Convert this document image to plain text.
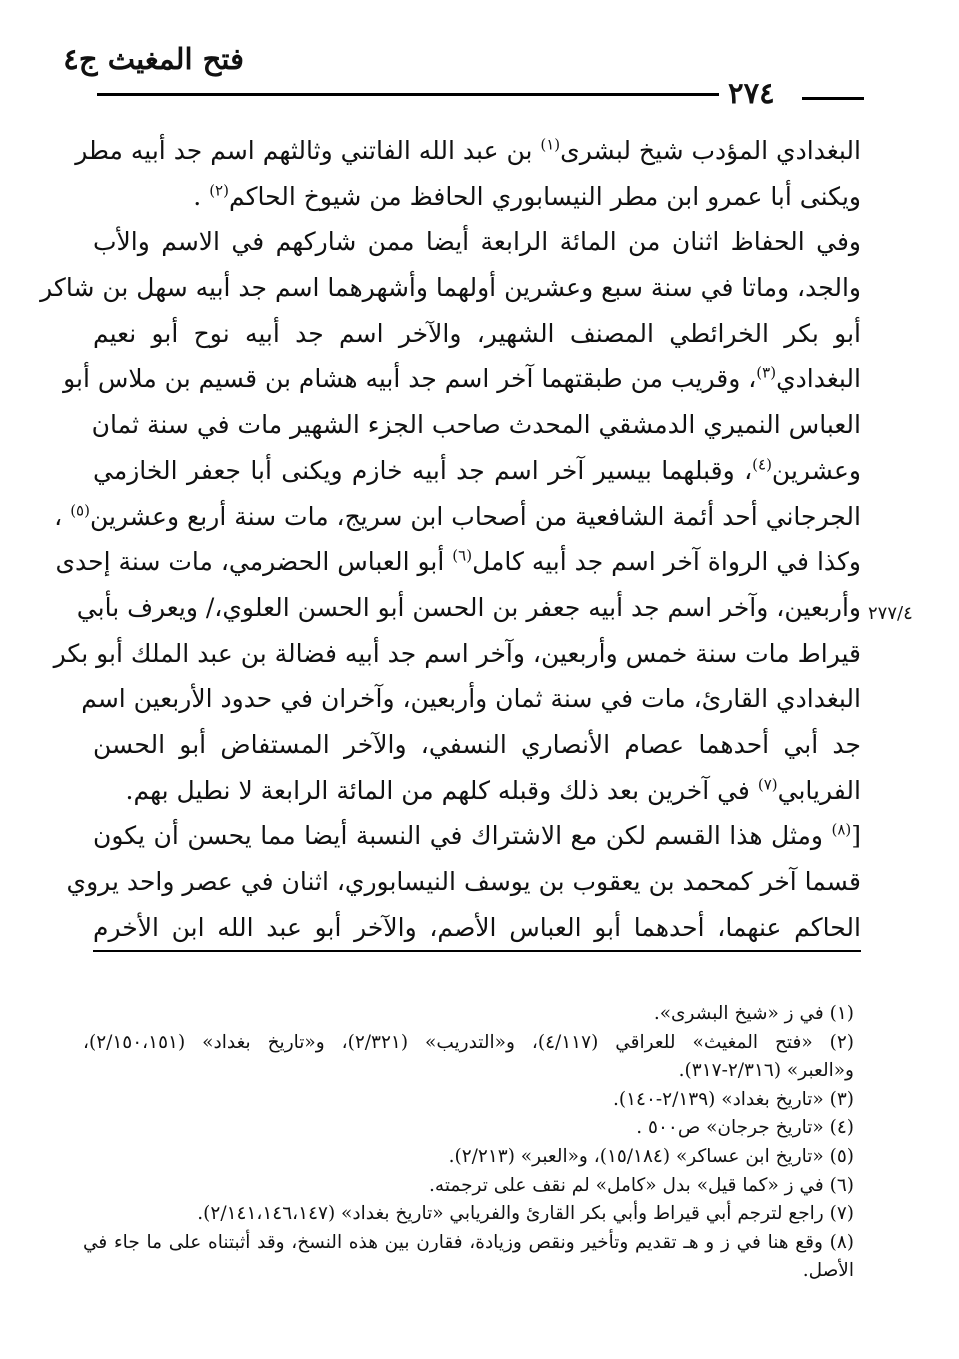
فتح المغيث ج٤
٢٧٤
٢٧٧/٤
البغدادي المؤدب شيخ لبشرى$^{(١)}$ بن عبد الله الفاتني وثالثهم اسم جد أبيه مطر
ويكنى أبا عمرو ابن مطر النيسابوري الحافظ من شيوخ الحاكم$^{(٢)}$ .
وفي الحفاظ اثنان من المائة الرابعة أيضا ممن شاركهم في الاسم والأب
والجد، وماتا في سنة سبع وعشرين أولهما وأشهرهما اسم جد أبيه سهل بن شاكر
أبو بكر الخرائطي المصنف الشهير، والآخر اسم جد أبيه نوح أبو نعيم
البغدادي$^{(٣)}$، وقريب من طبقتهما آخر اسم جد أبيه هشام بن قسيم بن ملاس أبو
العباس النميري الدمشقي المحدث صاحب الجزء الشهير مات في سنة ثمان
وعشرين$^{(٤)}$، وقبلهما بيسير آخر اسم جد أبيه خازم ويكنى أبا جعفر الخازمي
الجرجاني أحد أئمة الشافعية من أصحاب ابن سريج، مات سنة أربع وعشرين$^{(٥)}$ ،
وكذا في الرواة آخر اسم جد أبيه كامل$^{(٦)}$ أبو العباس الحضرمي، مات سنة إحدى
وأربعين، وآخر اسم جد أبيه جعفر بن الحسن أبو الحسن العلوي،/ ويعرف بأبي
قيراط مات سنة خمس وأربعين، وآخر اسم جد أبيه فضالة بن عبد الملك أبو بكر
البغدادي القارئ، مات في سنة ثمان وأربعين، وآخران في حدود الأربعين اسم
جد أبي أحدهما عصام الأنصاري النسفي، والآخر المستفاض أبو الحسن
الفريابي$^{(٧)}$ في آخرين بعد ذلك وقبله كلهم من المائة الرابعة لا نطيل بهم.
[$^{(٨)}$ ومثل هذا القسم لكن مع الاشتراك في النسبة أيضا مما يحسن أن يكون
قسما آخر كمحمد بن يعقوب بن يوسف النيسابوري، اثنان في عصر واحد يروي
الحاكم عنهما، أحدهما أبو العباس الأصم، والآخر أبو عبد الله ابن الأخرم
(١) في ز «شيخ البشرى».
(٢) «فتح المغيث» للعراقي (٤/١١٧)، و«التدريب» (٢/٣٢١)، و«تاريخ بغداد» (٢/١٥٠،١٥١)،
و«العبر» (٢/٣١٦-٣١٧).
(٣) «تاريخ بغداد» (٢/١٣٩-١٤٠).
(٤) «تاريخ جرجان» ص٥٠٠ .
(٥) «تاريخ ابن عساكر» (١٥/١٨٤)، و«العبر» (٢/٢١٣).
(٦) في ز «كما قيل» بدل «كامل» لم نقف على ترجمته.
(٧) راجع لترجم أبي قيراط وأبي بكر القارئ والفريابي «تاريخ بغداد» (٢/١٤١،١٤٦،١٤٧).
(٨) وقع هنا في ز و هـ تقديم وتأخير ونقص وزيادة، فقارن بين هذه النسخ، وقد أثبتناه على ما جاء في
الأصل.
